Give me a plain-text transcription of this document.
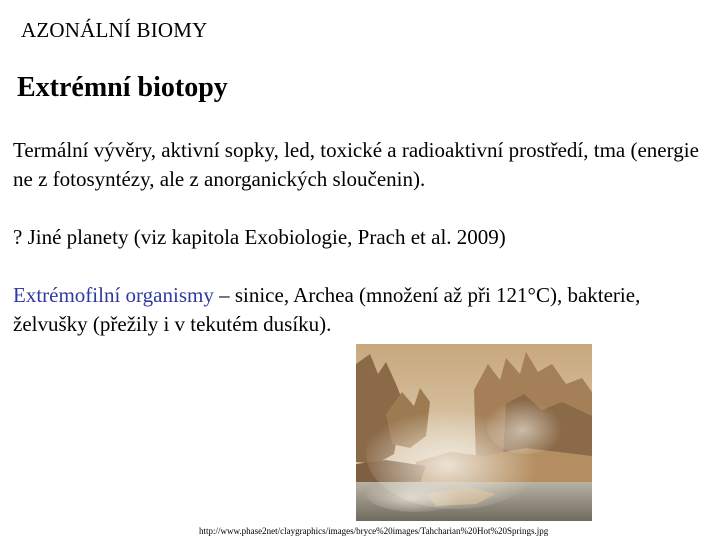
AZONÁLNÍ BIOMY
Extrémní biotopy

Termální vývěry, aktivní sopky, led, toxické a radioaktivní prostředí, tma (energie ne z fotosyntézy, ale z anorganických sloučenin).

? Jiné planety (viz kapitola Exobiologie, Prach et al. 2009)

Extrémofilní organismy – sinice, Archea (množení až při 121°C), bakterie, želvušky (přežily i v tekutém dusíku).

http://www.phase2net/claygraphics/images/bryce%20images/Tahcharian%20Hot%20Springs.jpg
